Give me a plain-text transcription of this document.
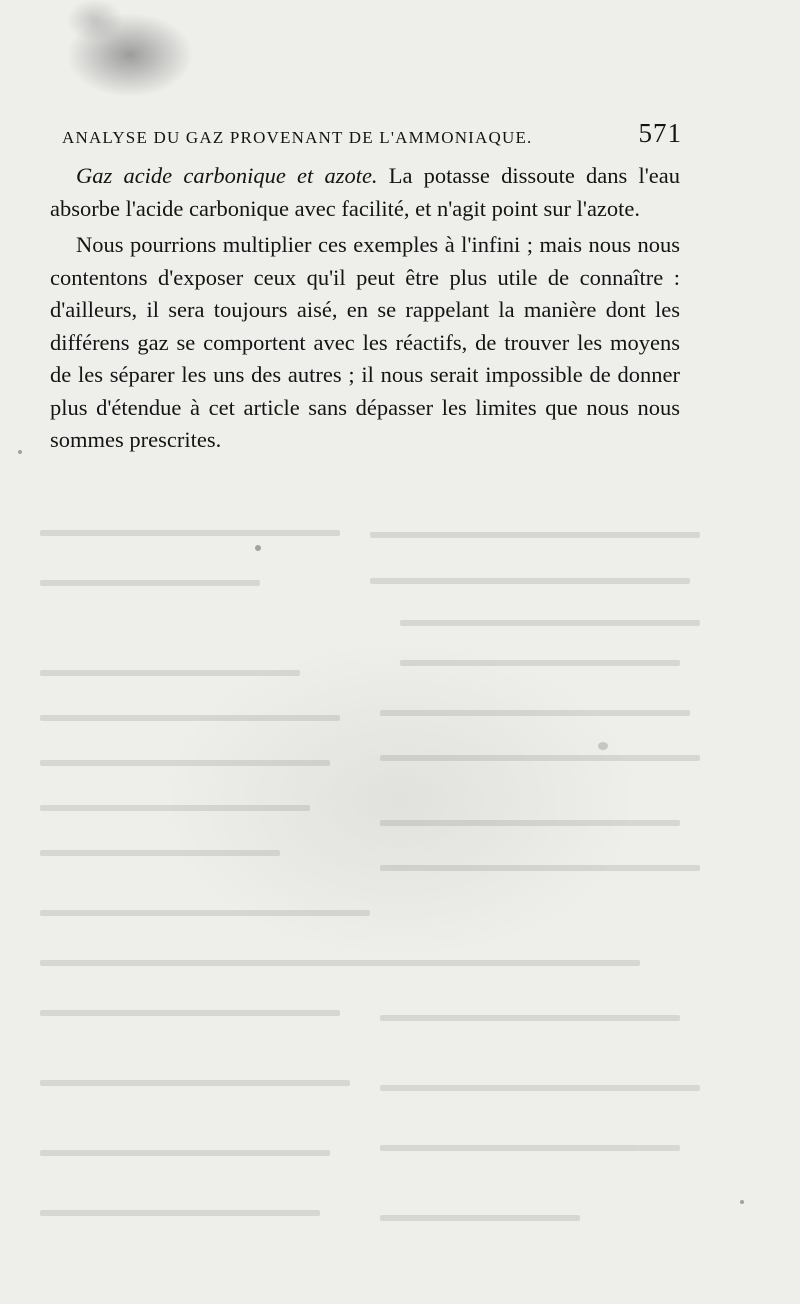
ANALYSE DU GAZ PROVENANT DE L'AMMONIAQUE.	571

Gaz acide carbonique et azote. La potasse dissoute dans l'eau absorbe l'acide carbonique avec facilité, et n'agit point sur l'azote.

Nous pourrions multiplier ces exemples à l'infini ; mais nous nous contentons d'exposer ceux qu'il peut être plus utile de connaître : d'ailleurs, il sera toujours aisé, en se rappelant la manière dont les différens gaz se comportent avec les réactifs, de trouver les moyens de les séparer les uns des autres ; il nous serait impossible de donner plus d'étendue à cet article sans dépasser les limites que nous nous sommes prescrites.
